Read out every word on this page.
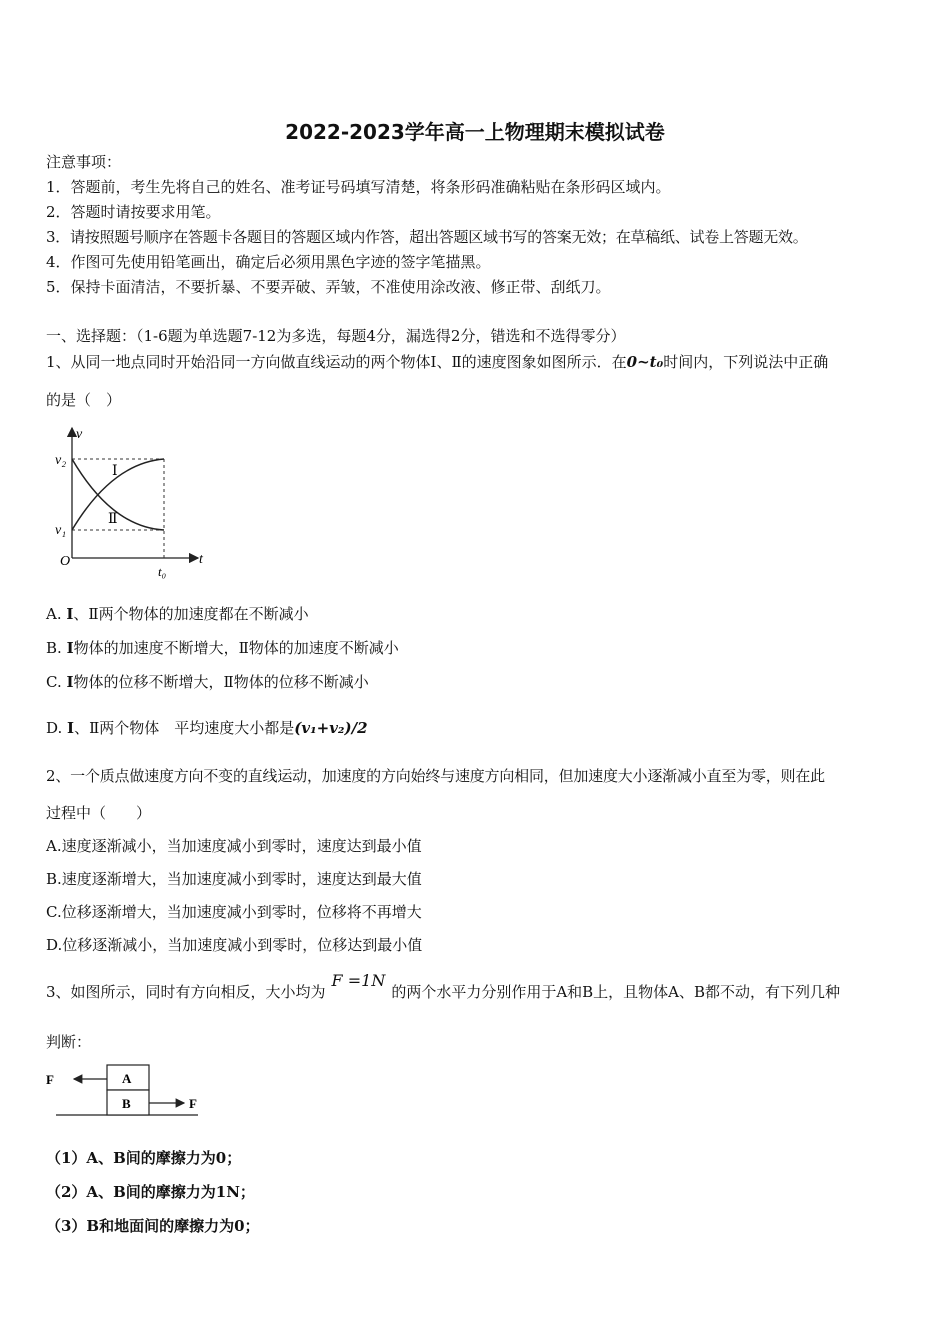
2022-2023学年高一上物理期末模拟试卷
注意事项：
1．答题前，考生先将自己的姓名、准考证号码填写清楚，将条形码准确粘贴在条形码区域内。
2．答题时请按要求用笔。
3．请按照题号顺序在答题卡各题目的答题区域内作答，超出答题区域书写的答案无效；在草稿纸、试卷上答题无效。
4．作图可先使用铅笔画出，确定后必须用黑色字迹的签字笔描黑。
5．保持卡面清洁，不要折暴、不要弄破、弄皱，不准使用涂改液、修正带、刮纸刀。
一、选择题：（1-6题为单选题7-12为多选，每题4分，漏选得2分，错选和不选得零分）
1、从同一地点同时开始沿同一方向做直线运动的两个物体Ⅰ、Ⅱ的速度图象如图所示．在0~t₀时间内，下列说法中正确
的是（　）
v
t
O
v₂
v₁
t₀
Ⅰ
Ⅱ
A. Ⅰ、Ⅱ两个物体的加速度都在不断减小
B. Ⅰ物体的加速度不断增大，Ⅱ物体的加速度不断减小
C. Ⅰ物体的位移不断增大，Ⅱ物体的位移不断减小
D. Ⅰ、Ⅱ两个物体　平均速度大小都是(v₁+v₂)/2
2、一个质点做速度方向不变的直线运动，加速度的方向始终与速度方向相同，但加速度大小逐渐减小直至为零，则在此
过程中（　　）
A.速度逐渐减小，当加速度减小到零时，速度达到最小值
B.速度逐渐增大，当加速度减小到零时，速度达到最大值
C.位移逐渐增大，当加速度减小到零时，位移将不再增大
D.位移逐渐减小，当加速度减小到零时，位移达到最小值
3、如图所示，同时有方向相反，大小均为F =1N的两个水平力分别作用于A和B上，且物体A、B都不动，有下列几种
判断：
F	A
B	F
（1）A、B间的摩擦力为0；
（2）A、B间的摩擦力为1N；
（3）B和地面间的摩擦力为0；
